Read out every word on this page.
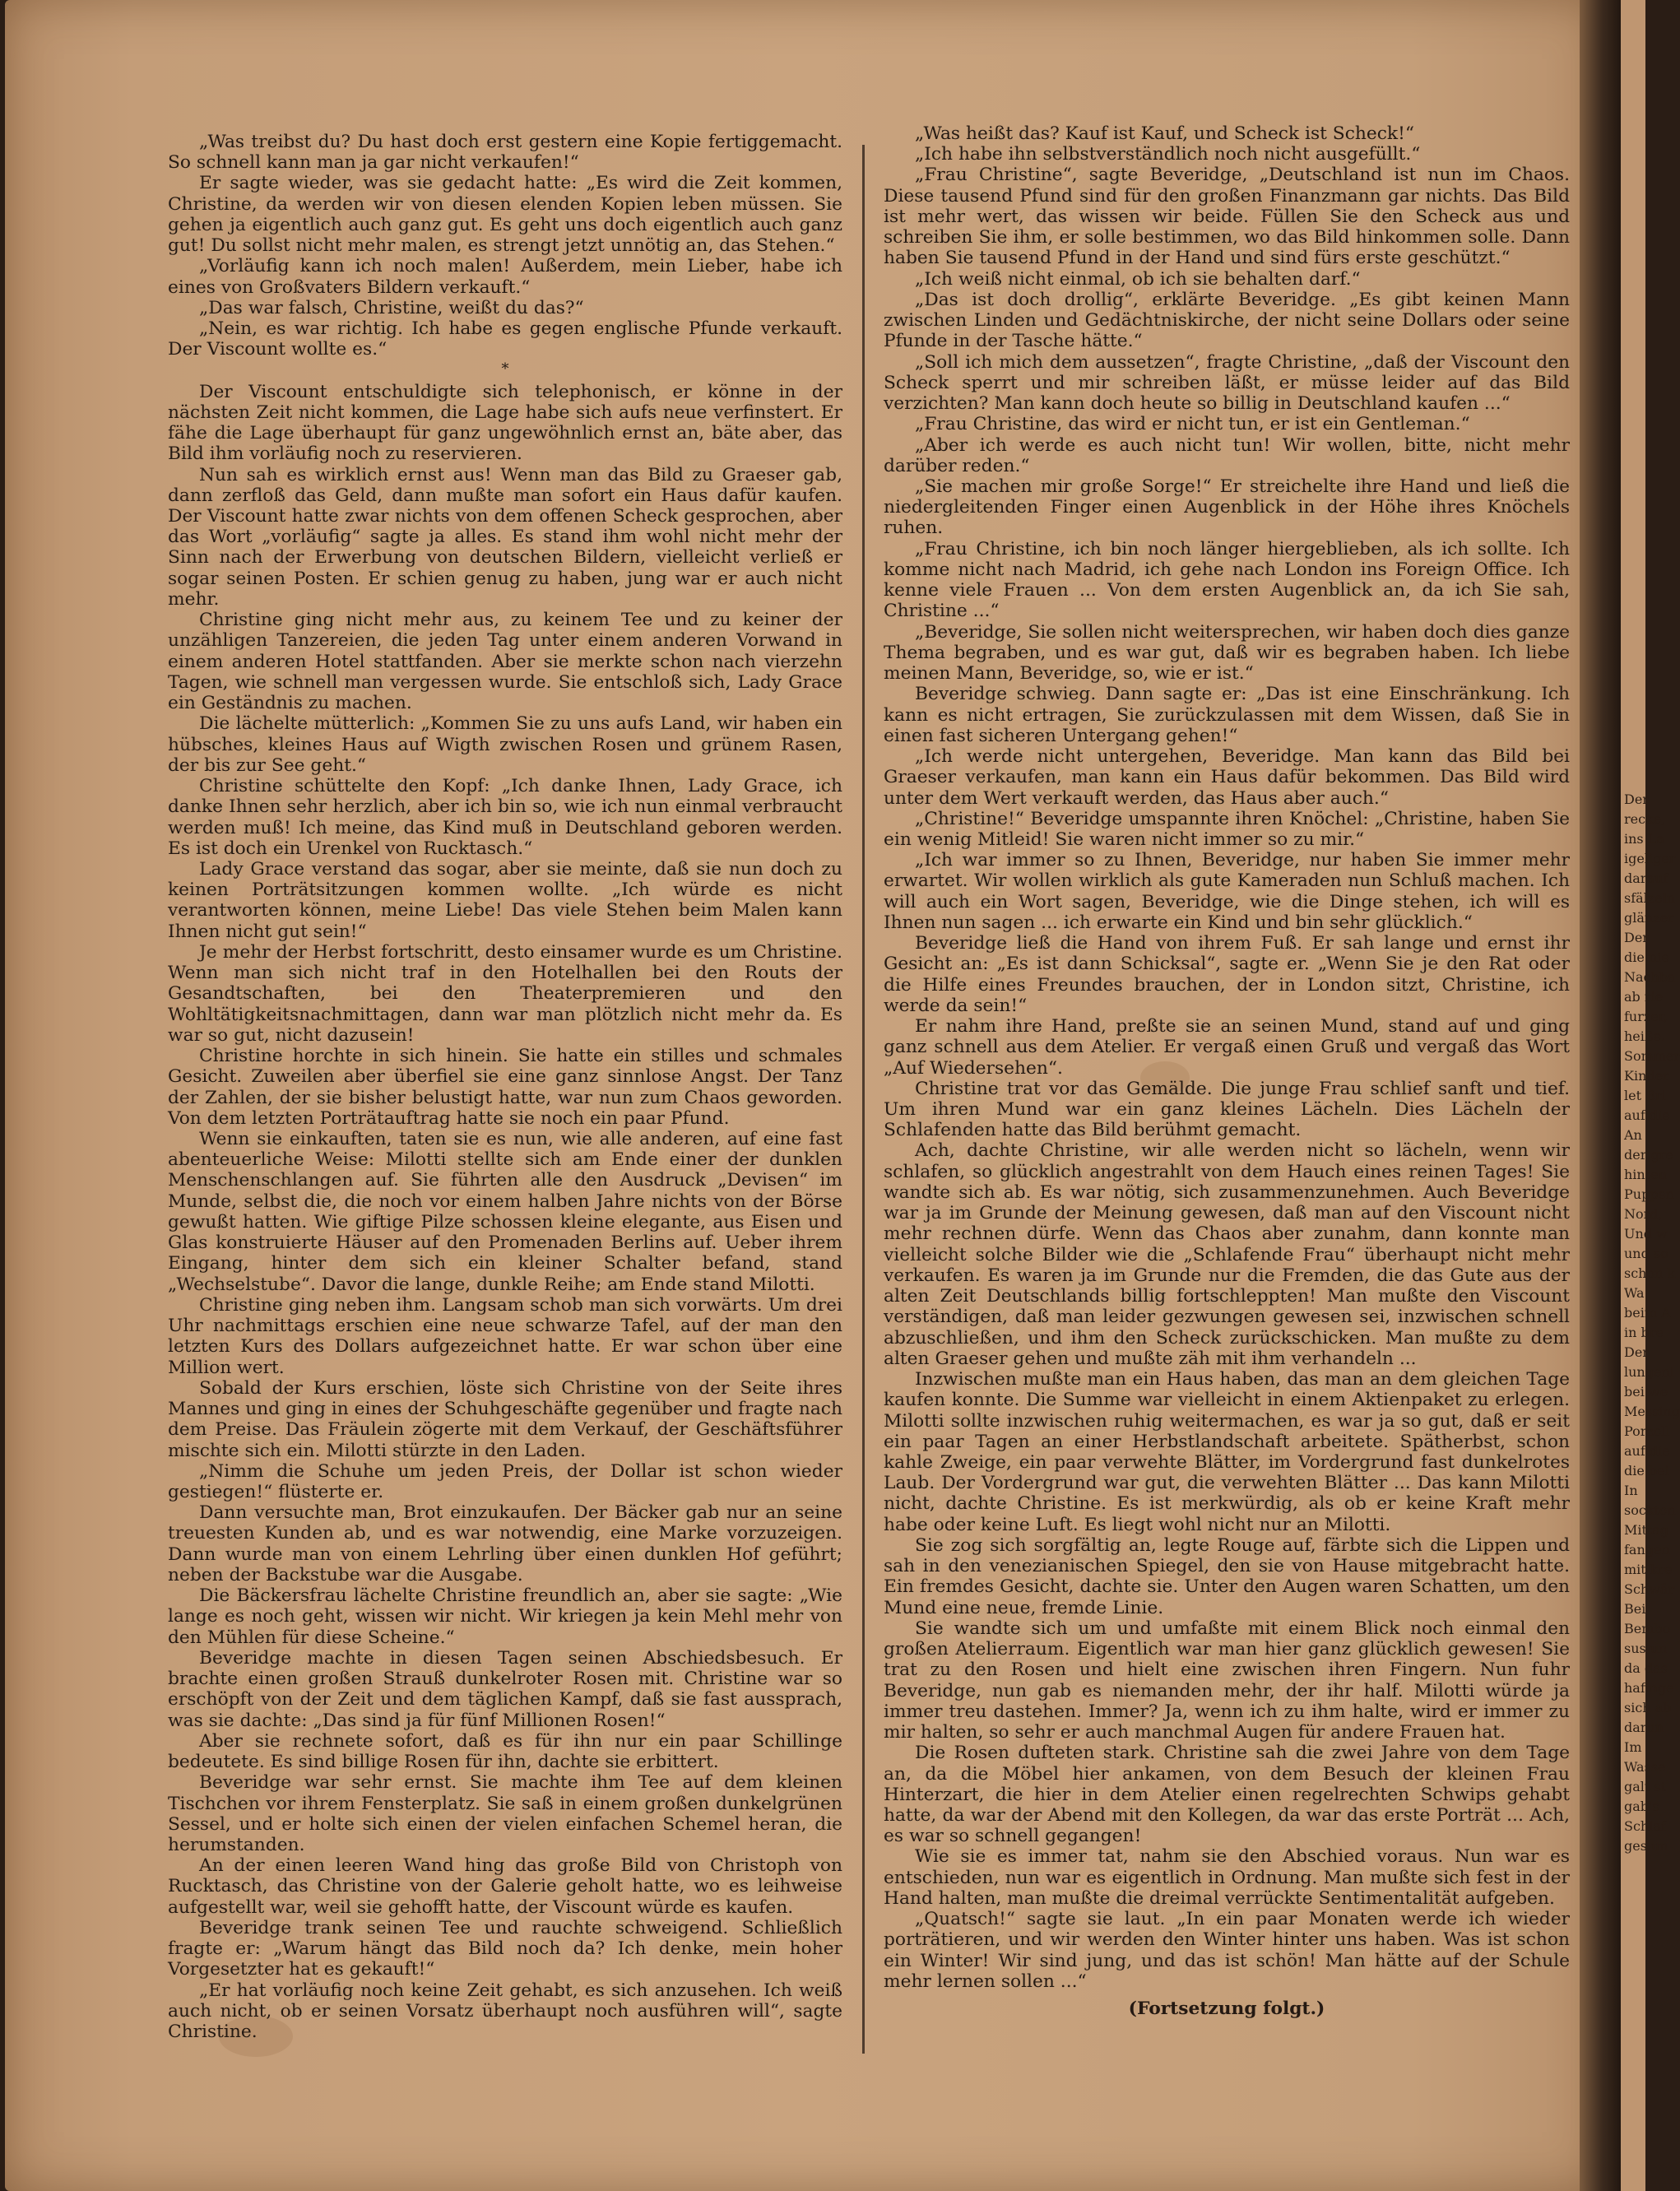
„Was treibst du? Du hast doch erst gestern eine Kopie fertiggemacht. So schnell kann man ja gar nicht verkaufen!“

Er sagte wieder, was sie gedacht hatte: „Es wird die Zeit kommen, Christine, da werden wir von diesen elenden Kopien leben müssen. Sie gehen ja eigentlich auch ganz gut. Es geht uns doch eigentlich auch ganz gut! Du sollst nicht mehr malen, es strengt jetzt unnötig an, das Stehen.“

„Vorläufig kann ich noch malen! Außerdem, mein Lieber, habe ich eines von Großvaters Bildern verkauft.“

„Das war falsch, Christine, weißt du das?“

„Nein, es war richtig. Ich habe es gegen englische Pfunde verkauft. Der Viscount wollte es.“

*

Der Viscount entschuldigte sich telephonisch, er könne in der nächsten Zeit nicht kommen, die Lage habe sich aufs neue verfinstert. Er fähe die Lage überhaupt für ganz ungewöhnlich ernst an, bäte aber, das Bild ihm vorläufig noch zu reservieren.

Nun sah es wirklich ernst aus! Wenn man das Bild zu Graeser gab, dann zerfloß das Geld, dann mußte man sofort ein Haus dafür kaufen. Der Viscount hatte zwar nichts von dem offenen Scheck gesprochen, aber das Wort „vorläufig“ sagte ja alles. Es stand ihm wohl nicht mehr der Sinn nach der Erwerbung von deutschen Bildern, vielleicht verließ er sogar seinen Posten. Er schien genug zu haben, jung war er auch nicht mehr.

Christine ging nicht mehr aus, zu keinem Tee und zu keiner der unzähligen Tanzereien, die jeden Tag unter einem anderen Vorwand in einem anderen Hotel stattfanden. Aber sie merkte schon nach vierzehn Tagen, wie schnell man vergessen wurde. Sie entschloß sich, Lady Grace ein Geständnis zu machen.

Die lächelte mütterlich: „Kommen Sie zu uns aufs Land, wir haben ein hübsches, kleines Haus auf Wigth zwischen Rosen und grünem Rasen, der bis zur See geht.“

Christine schüttelte den Kopf: „Ich danke Ihnen, Lady Grace, ich danke Ihnen sehr herzlich, aber ich bin so, wie ich nun einmal verbraucht werden muß! Ich meine, das Kind muß in Deutschland geboren werden. Es ist doch ein Urenkel von Rucktasch.“

Lady Grace verstand das sogar, aber sie meinte, daß sie nun doch zu keinen Porträtsitzungen kommen wollte. „Ich würde es nicht verantworten können, meine Liebe! Das viele Stehen beim Malen kann Ihnen nicht gut sein!“

Je mehr der Herbst fortschritt, desto einsamer wurde es um Christine. Wenn man sich nicht traf in den Hotelhallen bei den Routs der Gesandtschaften, bei den Theaterpremieren und den Wohltätigkeitsnachmittagen, dann war man plötzlich nicht mehr da. Es war so gut, nicht dazusein!

Christine horchte in sich hinein. Sie hatte ein stilles und schmales Gesicht. Zuweilen aber überfiel sie eine ganz sinnlose Angst. Der Tanz der Zahlen, der sie bisher belustigt hatte, war nun zum Chaos geworden. Von dem letzten Porträtauftrag hatte sie noch ein paar Pfund.

Wenn sie einkauften, taten sie es nun, wie alle anderen, auf eine fast abenteuerliche Weise: Milotti stellte sich am Ende einer der dunklen Menschenschlangen auf. Sie führten alle den Ausdruck „Devisen“ im Munde, selbst die, die noch vor einem halben Jahre nichts von der Börse gewußt hatten. Wie giftige Pilze schossen kleine elegante, aus Eisen und Glas konstruierte Häuser auf den Promenaden Berlins auf. Ueber ihrem Eingang, hinter dem sich ein kleiner Schalter befand, stand „Wechselstube“. Davor die lange, dunkle Reihe; am Ende stand Milotti.

Christine ging neben ihm. Langsam schob man sich vorwärts. Um drei Uhr nachmittags erschien eine neue schwarze Tafel, auf der man den letzten Kurs des Dollars aufgezeichnet hatte. Er war schon über eine Million wert.

Sobald der Kurs erschien, löste sich Christine von der Seite ihres Mannes und ging in eines der Schuhgeschäfte gegenüber und fragte nach dem Preise. Das Fräulein zögerte mit dem Verkauf, der Geschäftsführer mischte sich ein. Milotti stürzte in den Laden.

„Nimm die Schuhe um jeden Preis, der Dollar ist schon wieder gestiegen!“ flüsterte er.

Dann versuchte man, Brot einzukaufen. Der Bäcker gab nur an seine treuesten Kunden ab, und es war notwendig, eine Marke vorzuzeigen. Dann wurde man von einem Lehrling über einen dunklen Hof geführt; neben der Backstube war die Ausgabe.

Die Bäckersfrau lächelte Christine freundlich an, aber sie sagte: „Wie lange es noch geht, wissen wir nicht. Wir kriegen ja kein Mehl mehr von den Mühlen für diese Scheine.“

Beveridge machte in diesen Tagen seinen Abschiedsbesuch. Er brachte einen großen Strauß dunkelroter Rosen mit. Christine war so erschöpft von der Zeit und dem täglichen Kampf, daß sie fast aussprach, was sie dachte: „Das sind ja für fünf Millionen Rosen!“

Aber sie rechnete sofort, daß es für ihn nur ein paar Schillinge bedeutete. Es sind billige Rosen für ihn, dachte sie erbittert.

Beveridge war sehr ernst. Sie machte ihm Tee auf dem kleinen Tischchen vor ihrem Fensterplatz. Sie saß in einem großen dunkelgrünen Sessel, und er holte sich einen der vielen einfachen Schemel heran, die herumstanden.

An der einen leeren Wand hing das große Bild von Christoph von Rucktasch, das Christine von der Galerie geholt hatte, wo es leihweise aufgestellt war, weil sie gehofft hatte, der Viscount würde es kaufen.

Beveridge trank seinen Tee und rauchte schweigend. Schließlich fragte er: „Warum hängt das Bild noch da? Ich denke, mein hoher Vorgesetzter hat es gekauft!“

„Er hat vorläufig noch keine Zeit gehabt, es sich anzusehen. Ich weiß auch nicht, ob er seinen Vorsatz überhaupt noch ausführen will“, sagte Christine.

„Was heißt das? Kauf ist Kauf, und Scheck ist Scheck!“

„Ich habe ihn selbstverständlich noch nicht ausgefüllt.“

„Frau Christine“, sagte Beveridge, „Deutschland ist nun im Chaos. Diese tausend Pfund sind für den großen Finanzmann gar nichts. Das Bild ist mehr wert, das wissen wir beide. Füllen Sie den Scheck aus und schreiben Sie ihm, er solle bestimmen, wo das Bild hinkommen solle. Dann haben Sie tausend Pfund in der Hand und sind fürs erste geschützt.“

„Ich weiß nicht einmal, ob ich sie behalten darf.“

„Das ist doch drollig“, erklärte Beveridge. „Es gibt keinen Mann zwischen Linden und Gedächtniskirche, der nicht seine Dollars oder seine Pfunde in der Tasche hätte.“

„Soll ich mich dem aussetzen“, fragte Christine, „daß der Viscount den Scheck sperrt und mir schreiben läßt, er müsse leider auf das Bild verzichten? Man kann doch heute so billig in Deutschland kaufen ...“

„Frau Christine, das wird er nicht tun, er ist ein Gentleman.“

„Aber ich werde es auch nicht tun! Wir wollen, bitte, nicht mehr darüber reden.“

„Sie machen mir große Sorge!“ Er streichelte ihre Hand und ließ die niedergleitenden Finger einen Augenblick in der Höhe ihres Knöchels ruhen.

„Frau Christine, ich bin noch länger hiergeblieben, als ich sollte. Ich komme nicht nach Madrid, ich gehe nach London ins Foreign Office. Ich kenne viele Frauen ... Von dem ersten Augenblick an, da ich Sie sah, Christine ...“

„Beveridge, Sie sollen nicht weitersprechen, wir haben doch dies ganze Thema begraben, und es war gut, daß wir es begraben haben. Ich liebe meinen Mann, Beveridge, so, wie er ist.“

Beveridge schwieg. Dann sagte er: „Das ist eine Einschränkung. Ich kann es nicht ertragen, Sie zurückzulassen mit dem Wissen, daß Sie in einen fast sicheren Untergang gehen!“

„Ich werde nicht untergehen, Beveridge. Man kann das Bild bei Graeser verkaufen, man kann ein Haus dafür bekommen. Das Bild wird unter dem Wert verkauft werden, das Haus aber auch.“

„Christine!“ Beveridge umspannte ihren Knöchel: „Christine, haben Sie ein wenig Mitleid! Sie waren nicht immer so zu mir.“

„Ich war immer so zu Ihnen, Beveridge, nur haben Sie immer mehr erwartet. Wir wollen wirklich als gute Kameraden nun Schluß machen. Ich will auch ein Wort sagen, Beveridge, wie die Dinge stehen, ich will es Ihnen nun sagen ... ich erwarte ein Kind und bin sehr glücklich.“

Beveridge ließ die Hand von ihrem Fuß. Er sah lange und ernst ihr Gesicht an: „Es ist dann Schicksal“, sagte er. „Wenn Sie je den Rat oder die Hilfe eines Freundes brauchen, der in London sitzt, Christine, ich werde da sein!“

Er nahm ihre Hand, preßte sie an seinen Mund, stand auf und ging ganz schnell aus dem Atelier. Er vergaß einen Gruß und vergaß das Wort „Auf Wiedersehen“.

Christine trat vor das Gemälde. Die junge Frau schlief sanft und tief. Um ihren Mund war ein ganz kleines Lächeln. Dies Lächeln der Schlafenden hatte das Bild berühmt gemacht.

Ach, dachte Christine, wir alle werden nicht so lächeln, wenn wir schlafen, so glücklich angestrahlt von dem Hauch eines reinen Tages! Sie wandte sich ab. Es war nötig, sich zusammenzunehmen. Auch Beveridge war ja im Grunde der Meinung gewesen, daß man auf den Viscount nicht mehr rechnen dürfe. Wenn das Chaos aber zunahm, dann konnte man vielleicht solche Bilder wie die „Schlafende Frau“ überhaupt nicht mehr verkaufen. Es waren ja im Grunde nur die Fremden, die das Gute aus der alten Zeit Deutschlands billig fortschleppten! Man mußte den Viscount verständigen, daß man leider gezwungen gewesen sei, inzwischen schnell abzuschließen, und ihm den Scheck zurückschicken. Man mußte zu dem alten Graeser gehen und mußte zäh mit ihm verhandeln ...

Inzwischen mußte man ein Haus haben, das man an dem gleichen Tage kaufen konnte. Die Summe war vielleicht in einem Aktienpaket zu erlegen. Milotti sollte inzwischen ruhig weitermachen, es war ja so gut, daß er seit ein paar Tagen an einer Herbstlandschaft arbeitete. Spätherbst, schon kahle Zweige, ein paar verwehte Blätter, im Vordergrund fast dunkelrotes Laub. Der Vordergrund war gut, die verwehten Blätter ... Das kann Milotti nicht, dachte Christine. Es ist merkwürdig, als ob er keine Kraft mehr habe oder keine Luft. Es liegt wohl nicht nur an Milotti.

Sie zog sich sorgfältig an, legte Rouge auf, färbte sich die Lippen und sah in den venezianischen Spiegel, den sie von Hause mitgebracht hatte. Ein fremdes Gesicht, dachte sie. Unter den Augen waren Schatten, um den Mund eine neue, fremde Linie.

Sie wandte sich um und umfaßte mit einem Blick noch einmal den großen Atelierraum. Eigentlich war man hier ganz glücklich gewesen! Sie trat zu den Rosen und hielt eine zwischen ihren Fingern. Nun fuhr Beveridge, nun gab es niemanden mehr, der ihr half. Milotti würde ja immer treu dastehen. Immer? Ja, wenn ich zu ihm halte, wird er immer zu mir halten, so sehr er auch manchmal Augen für andere Frauen hat.

Die Rosen dufteten stark. Christine sah die zwei Jahre von dem Tage an, da die Möbel hier ankamen, von dem Besuch der kleinen Frau Hinterzart, die hier in dem Atelier einen regelrechten Schwips gehabt hatte, da war der Abend mit den Kollegen, da war das erste Porträt ... Ach, es war so schnell gegangen!

Wie sie es immer tat, nahm sie den Abschied voraus. Nun war es entschieden, nun war es eigentlich in Ordnung. Man mußte sich fest in der Hand halten, man mußte die dreimal verrückte Sentimentalität aufgeben.

„Quatsch!“ sagte sie laut. „In ein paar Monaten werde ich wieder porträtieren, und wir werden den Winter hinter uns haben. Was ist schon ein Winter! Wir sind jung, und das ist schön! Man hätte auf der Schule mehr lernen sollen ...“

(Fortsetzung folgt.)

Der
recke,
ins La
igeliger
darauf
sfälzeln
glänzer
Der
die nie
Nachba
ab rie
furzer,
heiße.
Sommer
Kinder
let Bri
auf die
An
der gre
hinten
Puppen
Nord,
Und w
und so
schon k
Wa
beim A
in bre
Der
lungenl
bei we
Messing
Porzell
auf die
die bei
In
sockten
Mittag
fangen
mit kre
Schwär
Bei
Bembo
sus un
da das
hafinge
sich ab
darun
Im
Wasse
galt st
gab's
Schlaf
ges un
